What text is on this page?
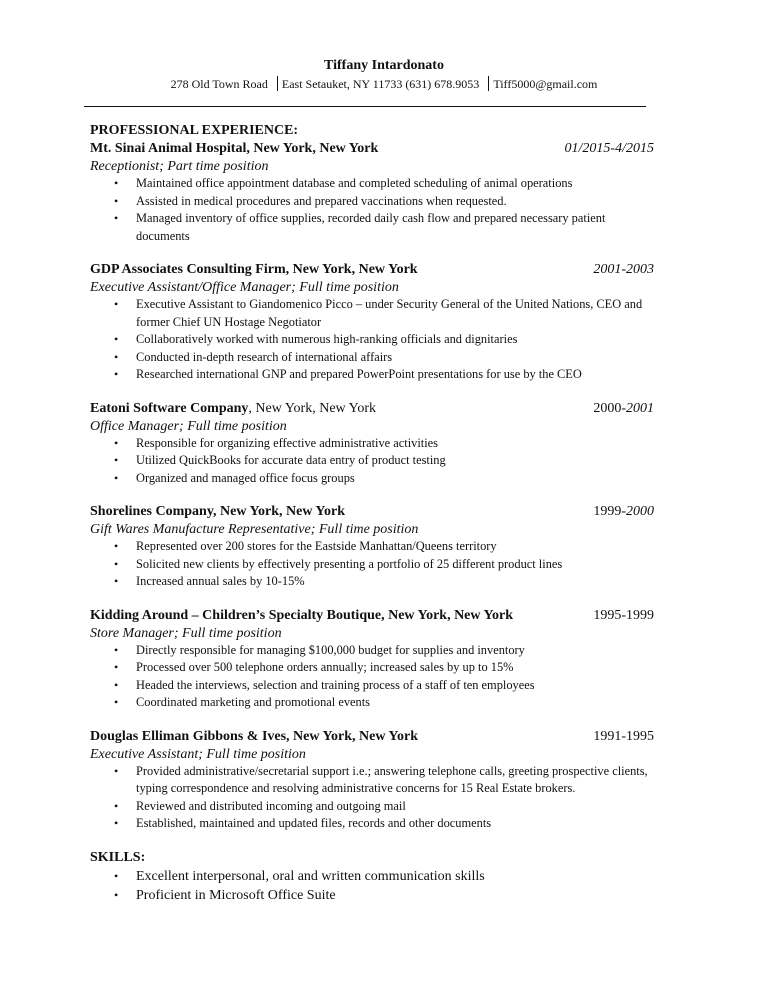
Tiffany Intardonato
278 Old Town Road East Setauket, NY 11733 (631) 678.9053 Tiff5000@gmail.com
PROFESSIONAL EXPERIENCE:
Mt. Sinai Animal Hospital, New York, New York	01/2015-4/2015
Receptionist; Part time position
• Maintained office appointment database and completed scheduling of animal operations
• Assisted in medical procedures and prepared vaccinations when requested.
• Managed inventory of office supplies, recorded daily cash flow and prepared necessary patient documents
GDP Associates Consulting Firm, New York, New York	2001-2003
Executive Assistant/Office Manager; Full time position
• Executive Assistant to Giandomenico Picco – under Security General of the United Nations, CEO and former Chief UN Hostage Negotiator
• Collaboratively worked with numerous high-ranking officials and dignitaries
• Conducted in-depth research of international affairs
• Researched international GNP and prepared PowerPoint presentations for use by the CEO
Eatoni Software Company, New York, New York	2000-2001
Office Manager; Full time position
• Responsible for organizing effective administrative activities
• Utilized QuickBooks for accurate data entry of product testing
• Organized and managed office focus groups
Shorelines Company, New York, New York	1999-2000
Gift Wares Manufacture Representative; Full time position
• Represented over 200 stores for the Eastside Manhattan/Queens territory
• Solicited new clients by effectively presenting a portfolio of 25 different product lines
• Increased annual sales by 10-15%
Kidding Around – Children’s Specialty Boutique, New York, New York	1995-1999
Store Manager; Full time position
• Directly responsible for managing $100,000 budget for supplies and inventory
• Processed over 500 telephone orders annually; increased sales by up to 15%
• Headed the interviews, selection and training process of a staff of ten employees
• Coordinated marketing and promotional events
Douglas Elliman Gibbons & Ives, New York, New York	1991-1995
Executive Assistant; Full time position
• Provided administrative/secretarial support i.e.; answering telephone calls, greeting prospective clients, typing correspondence and resolving administrative concerns for 15 Real Estate brokers.
• Reviewed and distributed incoming and outgoing mail
• Established, maintained and updated files, records and other documents
SKILLS:
• Excellent interpersonal, oral and written communication skills
• Proficient in Microsoft Office Suite
